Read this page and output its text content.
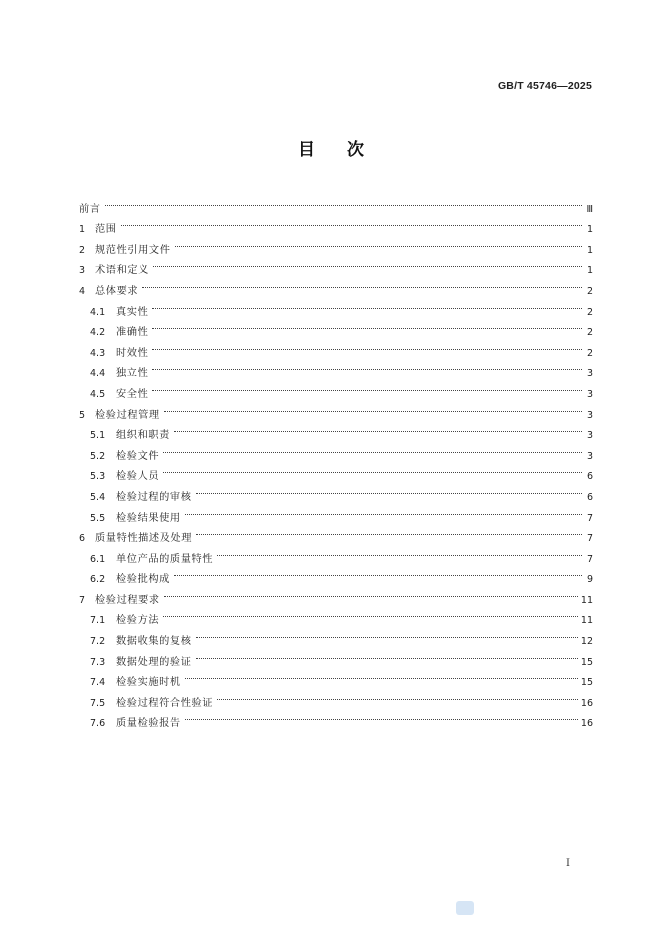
GB/T 45746—2025
目次
前言	Ⅲ
1 范围	1
2 规范性引用文件	1
3 术语和定义	1
4 总体要求	2
4.1	真实性	2
4.2	准确性	2
4.3	时效性	2
4.4	独立性	3
4.5	安全性	3
5 检验过程管理	3
5.1	组织和职责	3
5.2	检验文件	3
5.3	检验人员	6
5.4	检验过程的审核	6
5.5	检验结果使用	7
6 质量特性描述及处理	7
6.1	单位产品的质量特性	7
6.2	检验批构成	9
7 检验过程要求	11
7.1	检验方法	11
7.2	数据收集的复核	12
7.3	数据处理的验证	15
7.4	检验实施时机	15
7.5	检验过程符合性验证	16
7.6	质量检验报告	16
I
